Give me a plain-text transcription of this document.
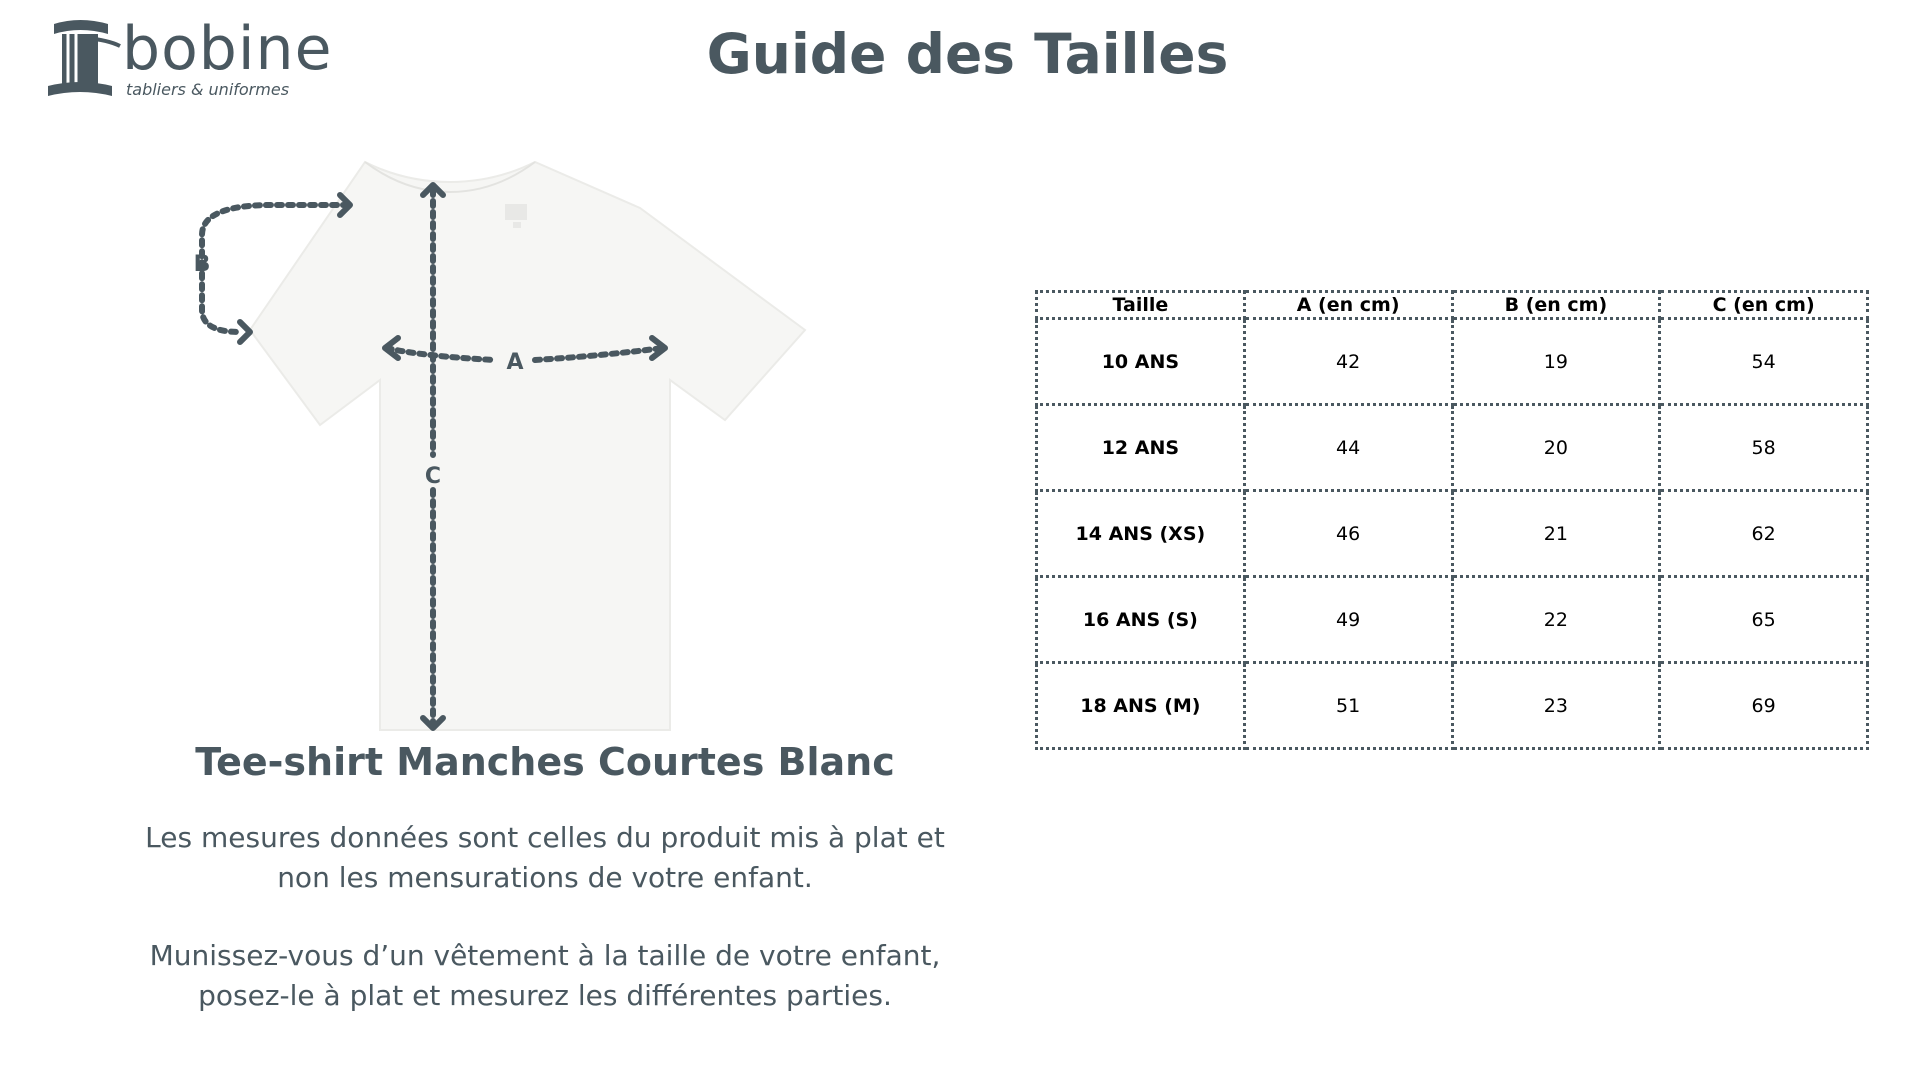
bobine
tabliers & uniformes
Guide des Tailles
B
C
A
Tee-shirt Manches Courtes Blanc
Les mesures données sont celles du produit mis à plat et
non les mensurations de votre enfant.
Munissez-vous d’un vêtement à la taille de votre enfant,
posez-le à plat et mesurez les différentes parties.
Taille	A (en cm)	B (en cm)	C (en cm)
10 ANS	42	19	54
12 ANS	44	20	58
14 ANS (XS)	46	21	62
16 ANS (S)	49	22	65
18 ANS (M)	51	23	69
